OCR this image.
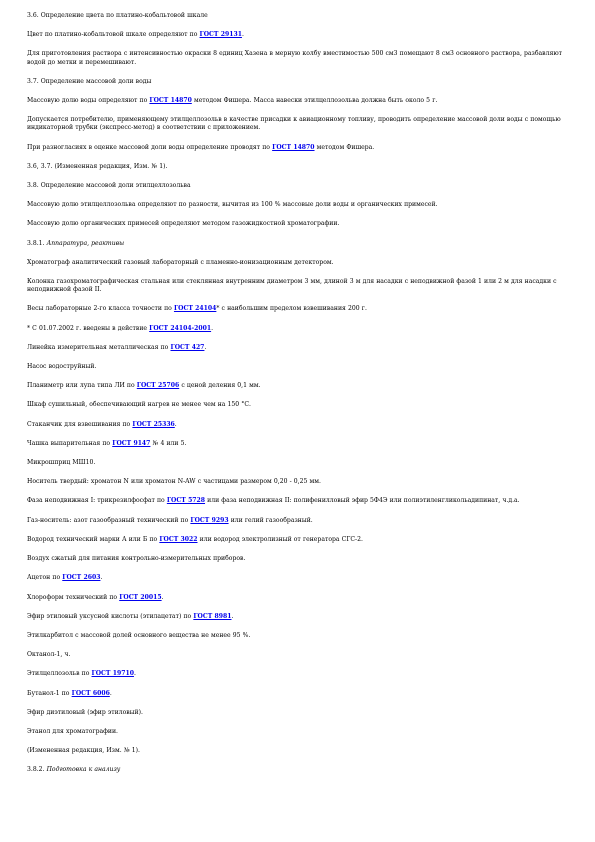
3.6. Определение цвета по платино-кобальтовой шкале

Цвет по платино-кобальтовой шкале определяют по ГОСТ 29131.

Для приготовления раствора с интенсивностью окраски 8 единиц Хазена в мерную колбу вместимостью 500 см3 помещают 8 см3 основного раствора, разбавляют водой до метки и перемешивают.

3.7. Определение массовой доли воды

Массовую долю воды определяют по ГОСТ 14870 методом Фишера. Масса навески этилцеллозольва должна быть около 5 г.

Допускается потребителю, применяющему этилцеллозольв в качестве присадки к авиационному топливу, проводить определение массовой доли воды с помощью индикаторной трубки (экспресс-метод) в соответствии с приложением.

При разногласиях в оценке массовой доли воды определение проводят по ГОСТ 14870 методом Фишера.

3.6, 3.7. (Измененная редакция, Изм. № 1).

3.8. Определение массовой доли этилцеллозольва

Массовую долю этилцеллозольва определяют по разности, вычитая из 100 % массовые доли воды и органических примесей.

Массовую долю органических примесей определяют методом газожидкостной хроматографии.

3.8.1. Аппаратура, реактивы

Хроматограф аналитический газовый лабораторный с пламенно-ионизационным детектором.

Колонка газохроматографическая стальная или стеклянная внутренним диаметром 3 мм, длиной 3 м для насадки с неподвижной фазой 1 или 2 м для насадки с неподвижной фазой II.

Весы лабораторные 2-го класса точности по ГОСТ 24104* с наибольшим пределом взвешивания 200 г.

* С 01.07.2002 г. введены в действие ГОСТ 24104-2001.

Линейка измерительная металлическая по ГОСТ 427.

Насос водоструйный.

Планиметр или лупа типа ЛИ по ГОСТ 25706 с ценой деления 0,1 мм.

Шкаф сушильный, обеспечивающий нагрев не менее чем на 150 °С.

Стаканчик для взвешивания по ГОСТ 25336.

Чашка выпарительная по ГОСТ 9147 № 4 или 5.

Микрошприц МШ10.

Носитель твердый: хроматон N или хроматон N-AW с частицами размером 0,20 - 0,25 мм.

Фаза неподвижная I: трикрезилфосфат по ГОСТ 5728 или фаза неподвижная II: полифенилловый эфир 5Ф4Э или полиэтиленгликольадипинат, ч.д.а.

Газ-носитель: азот газообразный технический по ГОСТ 9293 или гелий газообразный.

Водород технический марки А или Б по ГОСТ 3022 или водород электролизный от генератора СГС-2.

Воздух сжатый для питания контрольно-измерительных приборов.

Ацетон по ГОСТ 2603.

Хлороформ технический по ГОСТ 20015.

Эфир этиловый уксусной кислоты (этилацетат) по ГОСТ 8981.

Этилкарбитол с массовой долей основного вещества не менее 95 %.

Октанол-1, ч.

Этилцеллозольв по ГОСТ 19710.

Бутанол-1 по ГОСТ 6006.

Эфир диэтиловый (эфир этиловый).

Этанол для хроматографии.

(Измененная редакция, Изм. № 1).

3.8.2. Подготовка к анализу
